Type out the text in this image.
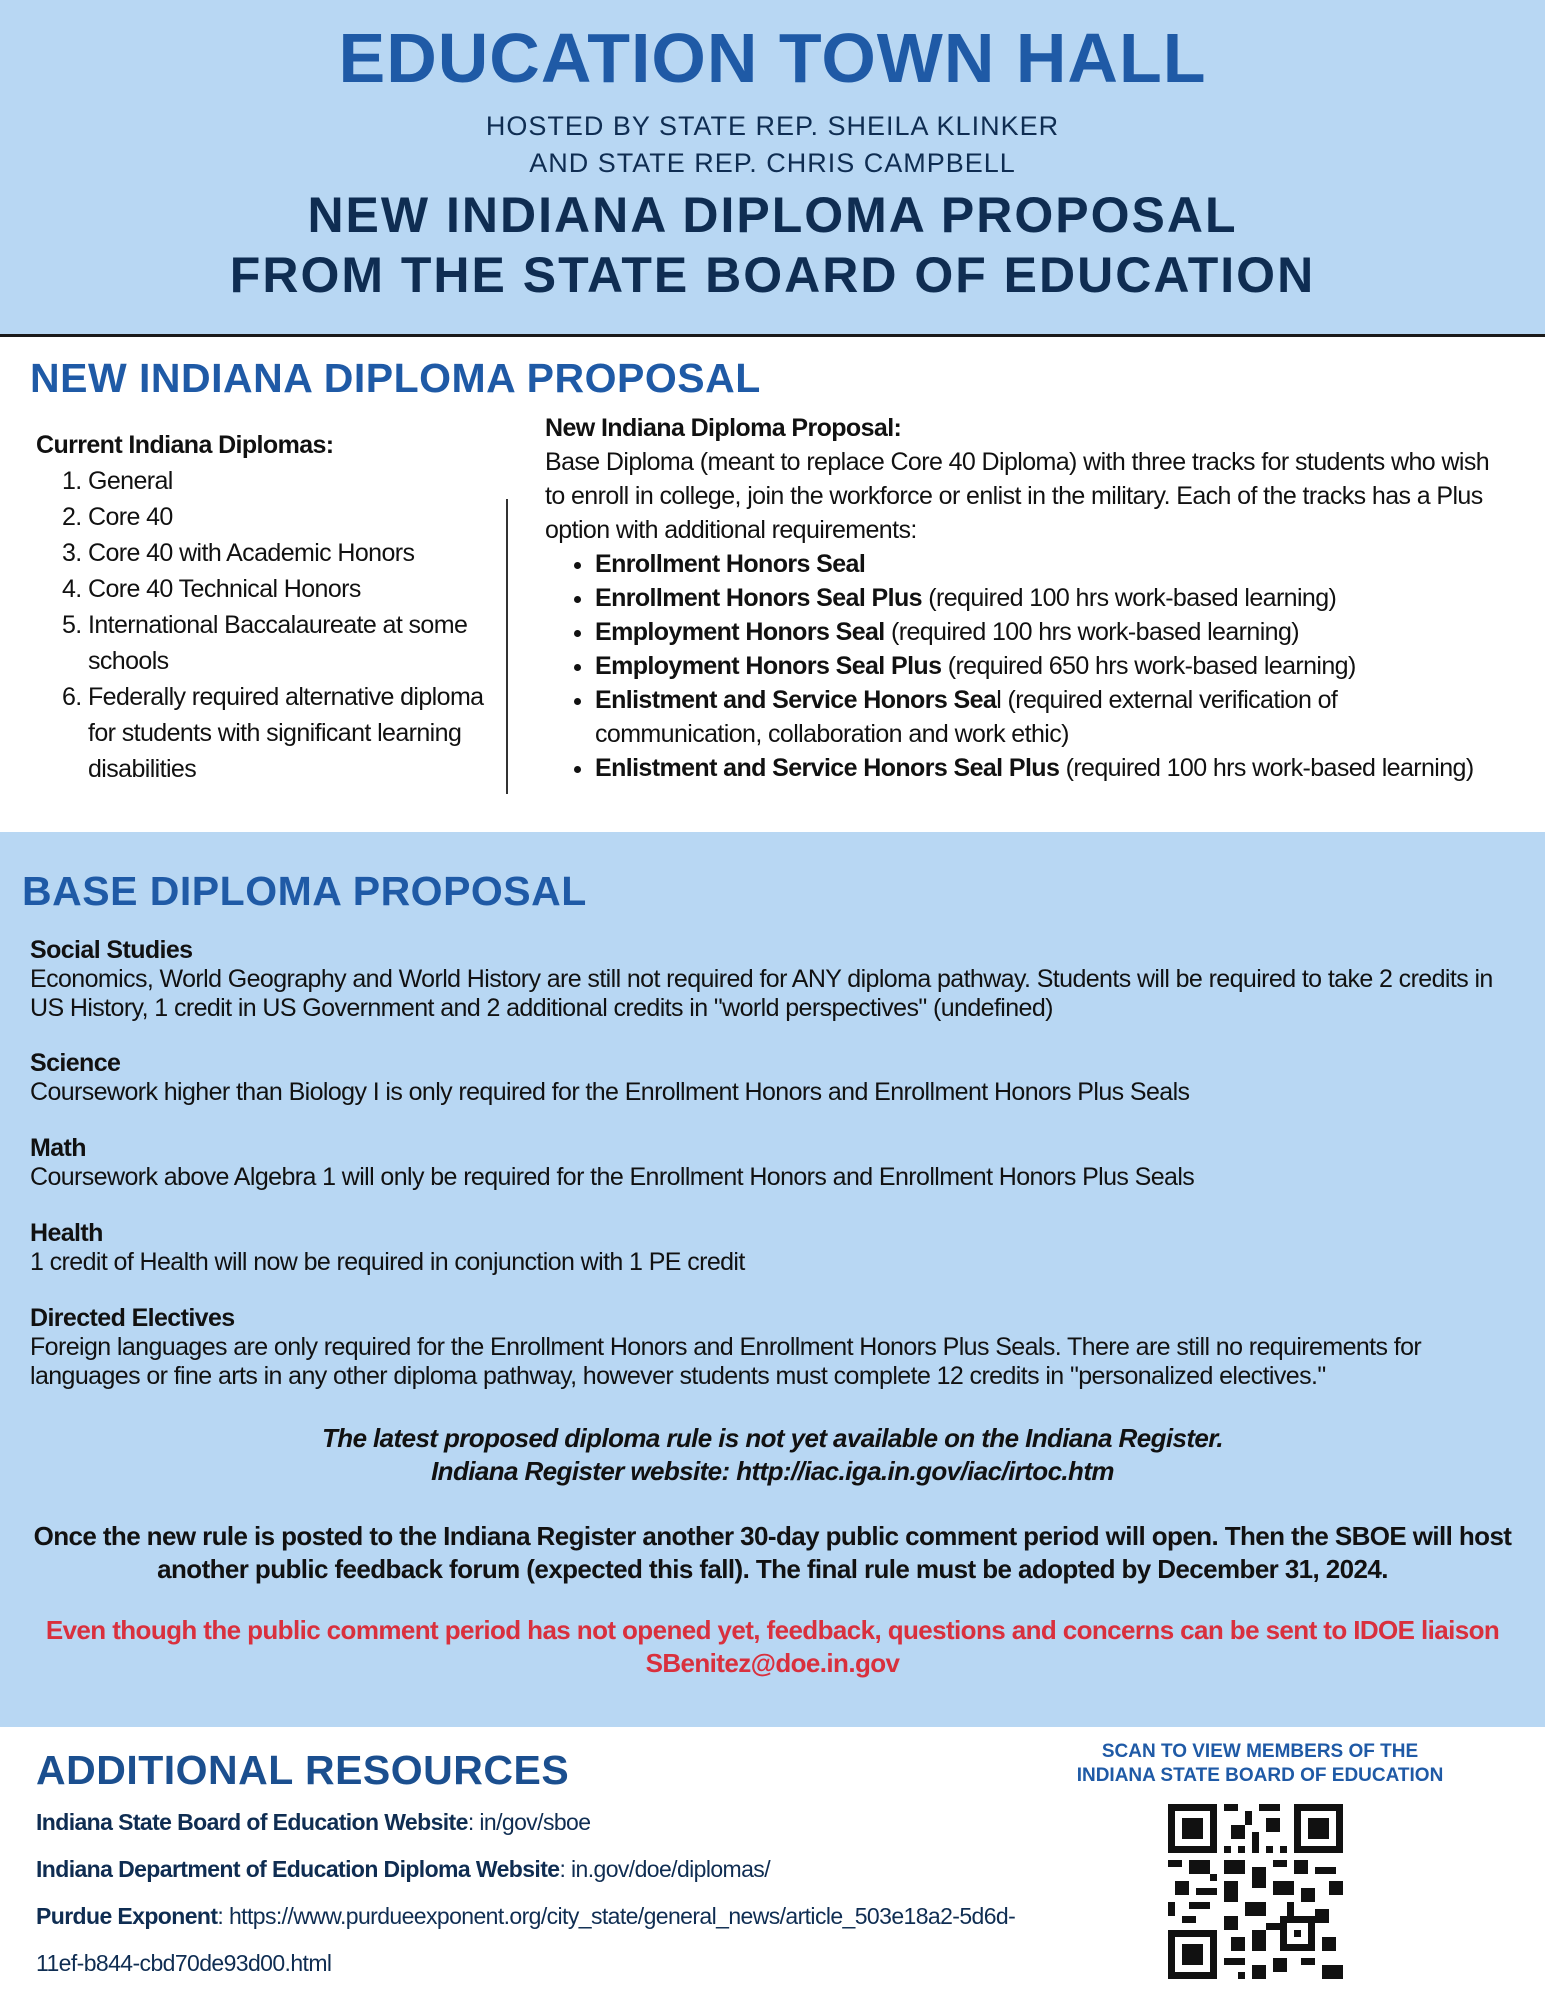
EDUCATION TOWN HALL
HOSTED BY STATE REP. SHEILA KLINKER
AND STATE REP. CHRIS CAMPBELL
NEW INDIANA DIPLOMA PROPOSAL
FROM THE STATE BOARD OF EDUCATION
NEW INDIANA DIPLOMA PROPOSAL
Current Indiana Diplomas:
1. General
2. Core 40
3. Core 40 with Academic Honors
4. Core 40 Technical Honors
5. International Baccalaureate at some schools
6. Federally required alternative diploma for students with significant learning disabilities
New Indiana Diploma Proposal:
Base Diploma (meant to replace Core 40 Diploma) with three tracks for students who wish to enroll in college, join the workforce or enlist in the military. Each of the tracks has a Plus option with additional requirements:
• Enrollment Honors Seal
• Enrollment Honors Seal Plus (required 100 hrs work-based learning)
• Employment Honors Seal (required 100 hrs work-based learning)
• Employment Honors Seal Plus (required 650 hrs work-based learning)
• Enlistment and Service Honors Seal (required external verification of communication, collaboration and work ethic)
• Enlistment and Service Honors Seal Plus (required 100 hrs work-based learning)
BASE DIPLOMA PROPOSAL
Social Studies
Economics, World Geography and World History are still not required for ANY diploma pathway. Students will be required to take 2 credits in US History, 1 credit in US Government and 2 additional credits in "world perspectives" (undefined)
Science
Coursework higher than Biology I is only required for the Enrollment Honors and Enrollment Honors Plus Seals
Math
Coursework above Algebra 1 will only be required for the Enrollment Honors and Enrollment Honors Plus Seals
Health
1 credit of Health will now be required in conjunction with 1 PE credit
Directed Electives
Foreign languages are only required for the Enrollment Honors and Enrollment Honors Plus Seals. There are still no requirements for languages or fine arts in any other diploma pathway, however students must complete 12 credits in "personalized electives."
The latest proposed diploma rule is not yet available on the Indiana Register.
Indiana Register website: http://iac.iga.in.gov/iac/irtoc.htm
Once the new rule is posted to the Indiana Register another 30-day public comment period will open. Then the SBOE will host another public feedback forum (expected this fall). The final rule must be adopted by December 31, 2024.
Even though the public comment period has not opened yet, feedback, questions and concerns can be sent to IDOE liaison SBenitez@doe.in.gov
ADDITIONAL RESOURCES
Indiana State Board of Education Website: in/gov/sboe
Indiana Department of Education Diploma Website: in.gov/doe/diplomas/
Purdue Exponent: https://www.purdueexponent.org/city_state/general_news/article_503e18a2-5d6d-
11ef-b844-cbd70de93d00.html
SCAN TO VIEW MEMBERS OF THE
INDIANA STATE BOARD OF EDUCATION
